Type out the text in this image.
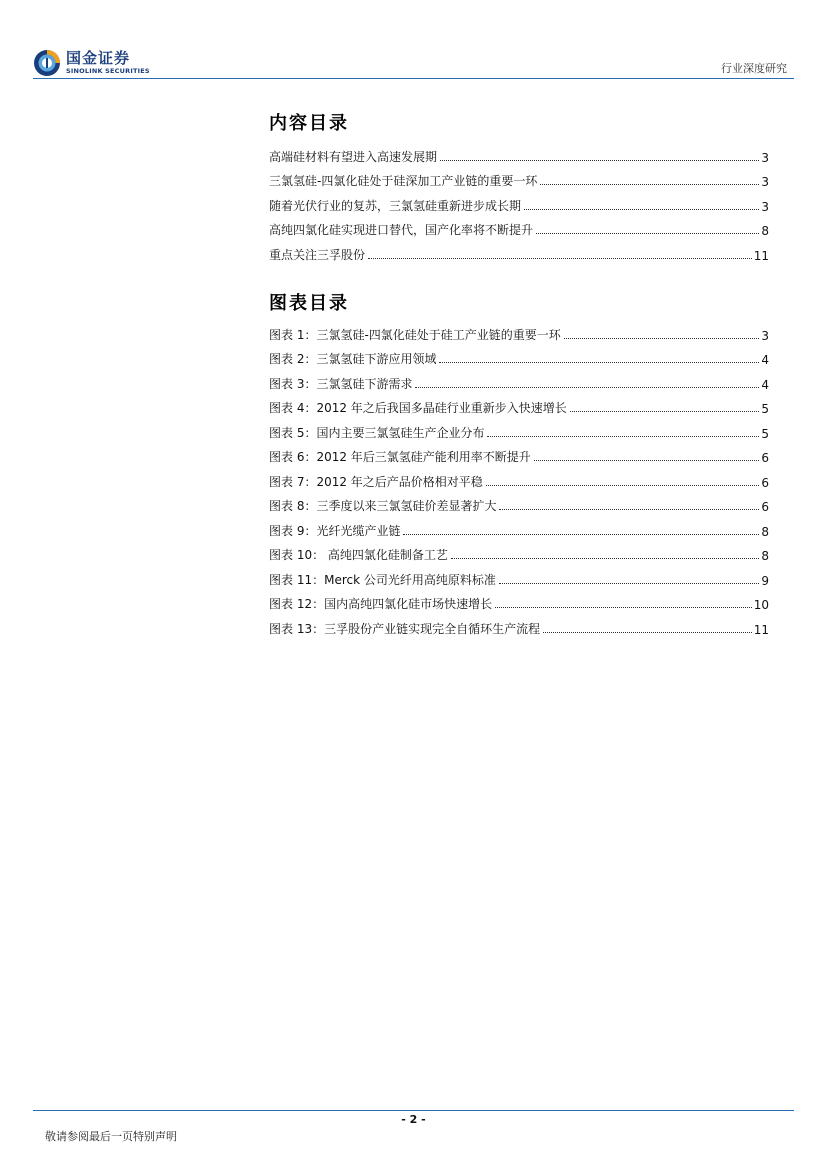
国金证券
SINOLINK SECURITIES	行业深度研究
内容目录
高端硅材料有望进入高速发展期	3
三氯氢硅-四氯化硅处于硅深加工产业链的重要一环	3
随着光伏行业的复苏，三氯氢硅重新进步成长期	3
高纯四氯化硅实现进口替代，国产化率将不断提升	8
重点关注三孚股份	11
图表目录
图表 1：三氯氢硅-四氯化硅处于硅工产业链的重要一环	3
图表 2：三氯氢硅下游应用领域	4
图表 3：三氯氢硅下游需求	4
图表 4：2012 年之后我国多晶硅行业重新步入快速增长	5
图表 5：国内主要三氯氢硅生产企业分布	5
图表 6：2012 年后三氯氢硅产能利用率不断提升	6
图表 7：2012 年之后产品价格相对平稳	6
图表 8：三季度以来三氯氢硅价差显著扩大	6
图表 9：光纤光缆产业链	8
图表 10： 高纯四氯化硅制备工艺	8
图表 11：Merck 公司光纤用高纯原料标准	9
图表 12：国内高纯四氯化硅市场快速增长	10
图表 13：三孚股份产业链实现完全自循环生产流程	11
- 2 -
敬请参阅最后一页特别声明
